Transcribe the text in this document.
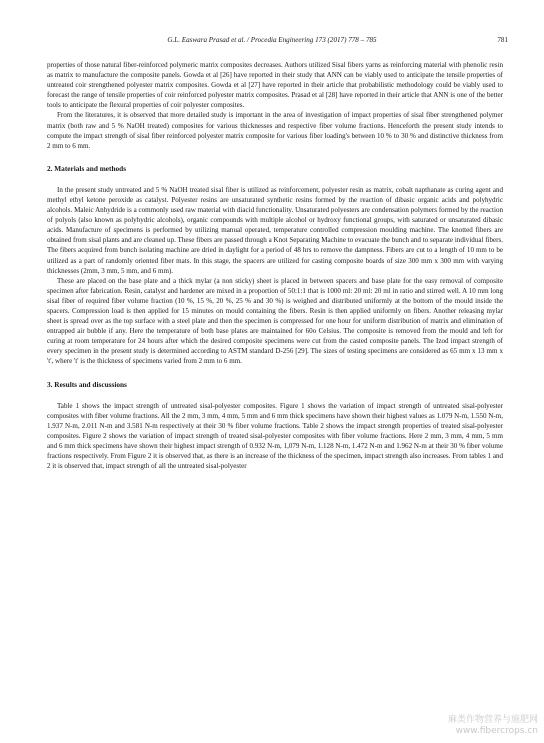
G.L. Easwara Prasad et al. / Procedia Engineering 173 (2017) 778 – 785	781

properties of those natural fiber-reinforced polymeric matrix composites decreases. Authors utilized Sisal fibers yarns as reinforcing material with phenolic resin as matrix to manufacture the composite panels. Gowda et al [26] have reported in their study that ANN can be viably used to anticipate the tensile properties of untreated coir strengthened polyester matrix composites. Gowda et al [27] have reported in their article that probabilistic methodology could be viably used to forecast the range of tensile properties of coir reinforced polyester matrix composites. Prasad et al [28] have reported in their article that ANN is one of the better tools to anticipate the flexural properties of coir polyester composites.

From the literatures, it is observed that more detailed study is important in the area of investigation of impact properties of sisal fiber strengthened polymer matrix (both raw and 5 % NaOH treated) composites for various thicknesses and respective fiber volume fractions. Henceforth the present study intends to compute the impact strength of sisal fiber reinforced polyester matrix composite for various fiber loading's between 10 % to 30 % and distinctive thickness from 2 mm to 6 mm.

2. Materials and methods

In the present study untreated and 5 % NaOH treated sisal fiber is utilized as reinforcement, polyester resin as matrix, cobalt napthanate as curing agent and methyl ethyl ketone peroxide as catalyst. Polyester resins are unsaturated synthetic resins formed by the reaction of dibasic organic acids and polyhydric alcohols. Maleic Anhydride is a commonly used raw material with diacid functionality. Unsaturated polyesters are condensation polymers formed by the reaction of polyols (also known as polyhydric alcohols), organic compounds with multiple alcohol or hydroxy functional groups, with saturated or unsaturated dibasic acids. Manufacture of specimens is performed by utilizing manual operated, temperature controlled compression moulding machine. The knotted fibers are obtained from sisal plants and are cleaned up. These fibers are passed through a Knot Separating Machine to evacuate the bunch and to separate individual fibers. The fibers acquired from bunch isolating machine are dried in daylight for a period of 48 hrs to remove the dampness. Fibers are cut to a length of 10 mm to be utilized as a part of randomly oriented fiber mats. In this stage, the spacers are utilized for casting composite boards of size 300 mm x 300 mm with varying thicknesses (2mm, 3 mm, 5 mm, and 6 mm).

These are placed on the base plate and a thick mylar (a non sticky) sheet is placed in between spacers and base plate for the easy removal of composite specimen after fabrication. Resin, catalyst and hardener are mixed in a proportion of 50:1:1 that is 1000 ml: 20 ml: 20 ml in ratio and stirred well. A 10 mm long sisal fiber of required fiber volume fraction (10 %, 15 %, 20 %, 25 % and 30 %) is weighed and distributed uniformly at the bottom of the mould inside the spacers. Compression load is then applied for 15 minutes on mould containing the fibers. Resin is then applied uniformly on fibers. Another releasing mylar sheet is spread over as the top surface with a steel plate and then the specimen is compressed for one hour for uniform distribution of matrix and elimination of entrapped air bubble if any. Here the temperature of both base plates are maintained for 60o Celsius. The composite is removed from the mould and left for curing at room temperature for 24 hours after which the desired composite specimens were cut from the casted composite panels. The Izod impact strength of every specimen in the present study is determined according to ASTM standard D-256 [29]. The sizes of testing specimens are considered as 65 mm x 13 mm x 't', where 't' is the thickness of specimens varied from 2 mm to 6 mm.

3. Results and discussions

Table 1 shows the impact strength of untreated sisal-polyester composites. Figure 1 shows the variation of impact strength of untreated sisal-polyester composites with fiber volume fractions. All the 2 mm, 3 mm, 4 mm, 5 mm and 6 mm thick specimens have shown their highest values as 1.079 N-m, 1.550 N-m, 1.937 N-m, 2.011 N-m and 3.581 N-m respectively at their 30 % fiber volume fractions. Table 2 shows the impact strength properties of treated sisal-polyester composites. Figure 2 shows the variation of impact strength of treated sisal-polyester composites with fiber volume fractions. Here 2 mm, 3 mm, 4 mm, 5 mm and 6 mm thick specimens have shown their highest impact strength of 0.932 N-m, 1,079 N-m, 1.128 N-m, 1.472 N-m and 1.962 N-m at their 30 % fiber volume fractions respectively. From Figure 2 it is observed that, as there is an increase of the thickness of the specimen, impact strength also increases. From tables 1 and 2 it is observed that, impact strength of all the untreated sisal-polyester

麻类作物营养与施肥网
www.fibercrops.cn
